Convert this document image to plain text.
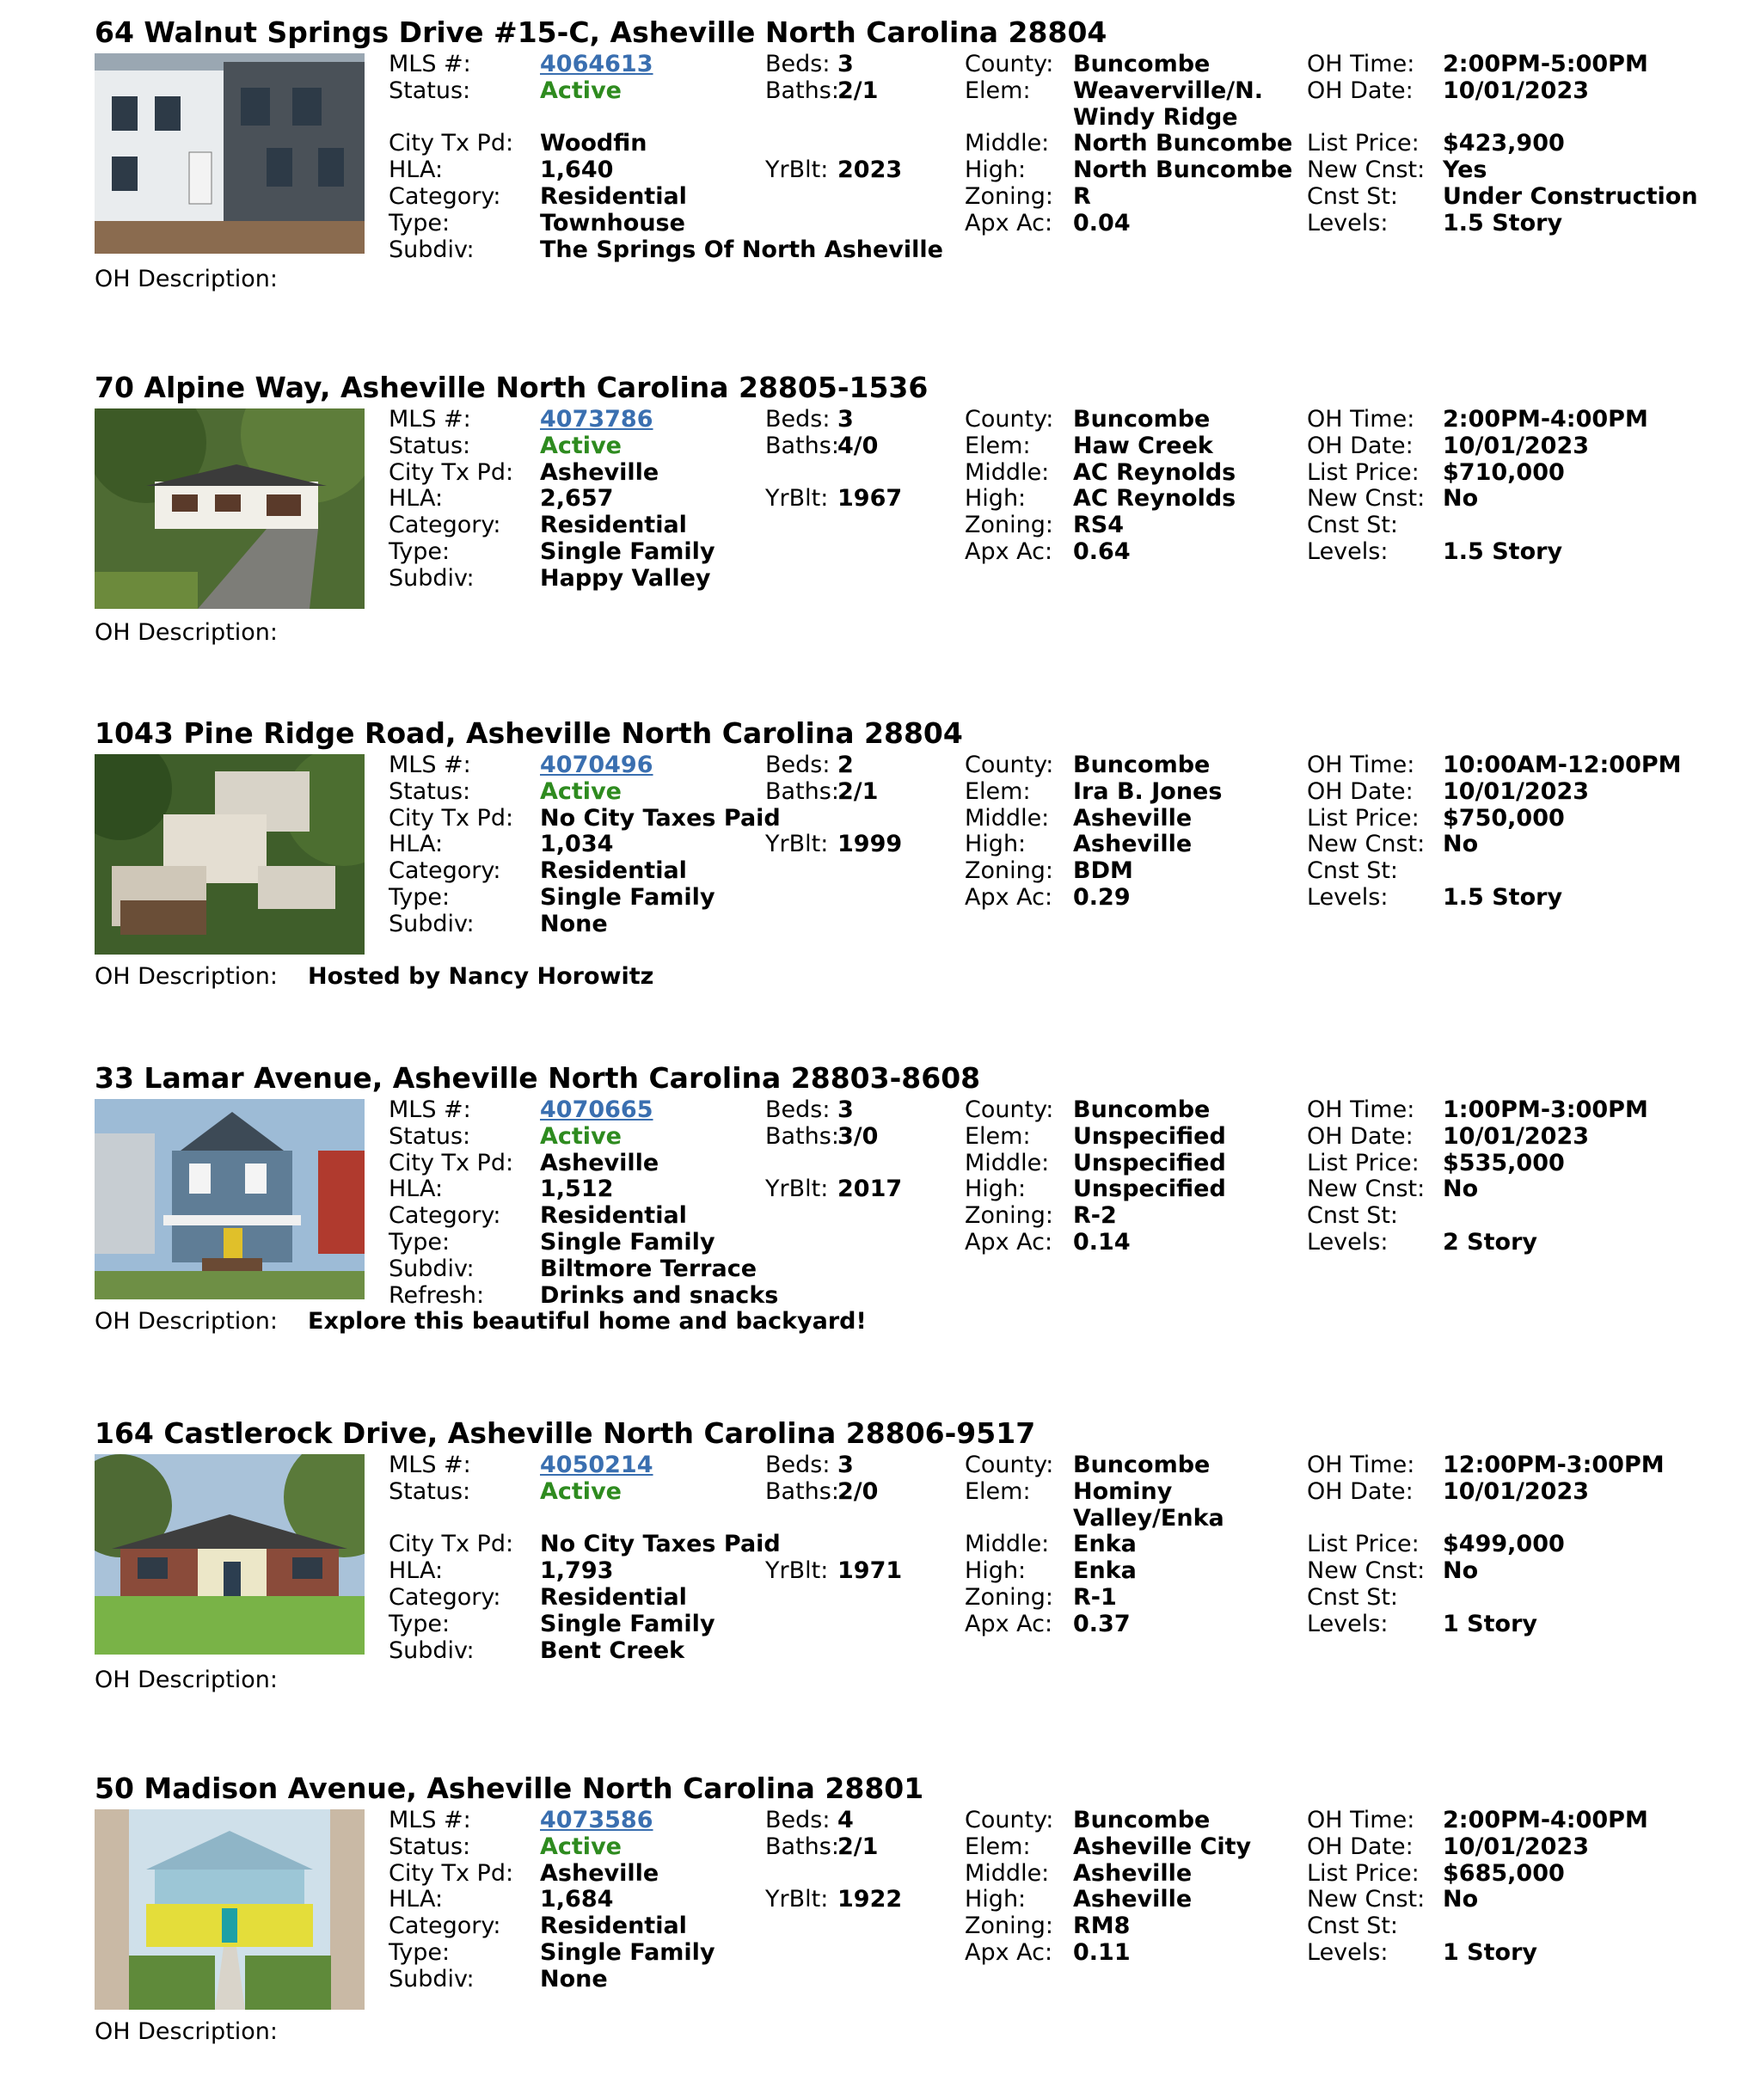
64 Walnut Springs Drive #15-C, Asheville North Carolina 28804
MLS #:	4064613
Status:	Active
City Tx Pd: Woodfin
HLA:	1,640
Category: Residential
Type:	Townhouse
Subdiv:	The Springs Of North Asheville
Beds: 3
Baths:
2/1
YrBlt: 2023
County: Buncombe
Elem: Weaverville/N.
Windy Ridge
Middle: North Buncombe
High: North Buncombe
Zoning: R
Apx Ac: 0.04
OH Time: 2:00PM-5:00PM
OH Date: 10/01/2023
List Price: $423,900
New Cnst: Yes
Cnst St: Under Construction
Levels: 1.5 Story
OH Description:
70 Alpine Way, Asheville North Carolina 28805-1536
MLS #:	4073786
Status:	Active
City Tx Pd: Asheville
HLA:	2,657
Category: Residential
Type:	Single Family
Subdiv:	Happy Valley
Beds: 3
Baths:
4/0
YrBlt: 1967
County: Buncombe
Elem: Haw Creek
Middle: AC Reynolds
High: AC Reynolds
Zoning: RS4
Apx Ac: 0.64
OH Time: 2:00PM-4:00PM
OH Date: 10/01/2023
List Price: $710,000
New Cnst: No
Cnst St:
Levels: 1.5 Story
OH Description:
1043 Pine Ridge Road, Asheville North Carolina 28804
MLS #:	4070496
Status:	Active
City Tx Pd: No City Taxes Paid
HLA:	1,034
Category: Residential
Type:	Single Family
Subdiv:	None
Beds: 2
Baths:
2/1
YrBlt: 1999
County: Buncombe
Elem: Ira B. Jones
Middle: Asheville
High: Asheville
Zoning: BDM
Apx Ac: 0.29
OH Time: 10:00AM-12:00PM
OH Date: 10/01/2023
List Price: $750,000
New Cnst: No
Cnst St:
Levels: 1.5 Story
OH Description: Hosted by Nancy Horowitz
33 Lamar Avenue, Asheville North Carolina 28803-8608
MLS #:	4070665
Status:	Active
City Tx Pd: Asheville
HLA:	1,512
Category: Residential
Type:	Single Family
Subdiv:	Biltmore Terrace
Refresh: Drinks and snacks
Beds: 3
Baths:
3/0
YrBlt: 2017
County: Buncombe
Elem: Unspecified
Middle: Unspecified
High: Unspecified
Zoning: R-2
Apx Ac: 0.14
OH Time: 1:00PM-3:00PM
OH Date: 10/01/2023
List Price: $535,000
New Cnst: No
Cnst St:
Levels: 2 Story
OH Description: Explore this beautiful home and backyard!
164 Castlerock Drive, Asheville North Carolina 28806-9517
MLS #:	4050214
Status:	Active
City Tx Pd: No City Taxes Paid
HLA:	1,793
Category: Residential
Type:	Single Family
Subdiv:	Bent Creek
Beds: 3
Baths:
2/0
YrBlt: 1971
County: Buncombe
Elem: Hominy
Valley/Enka
Middle: Enka
High: Enka
Zoning: R-1
Apx Ac: 0.37
OH Time: 12:00PM-3:00PM
OH Date: 10/01/2023
List Price: $499,000
New Cnst: No
Cnst St:
Levels: 1 Story
OH Description:
50 Madison Avenue, Asheville North Carolina 28801
MLS #:	4073586
Status:	Active
City Tx Pd: Asheville
HLA:	1,684
Category: Residential
Type:	Single Family
Subdiv:	None
Beds: 4
Baths:
2/1
YrBlt: 1922
County: Buncombe
Elem: Asheville City
Middle: Asheville
High: Asheville
Zoning: RM8
Apx Ac: 0.11
OH Time: 2:00PM-4:00PM
OH Date: 10/01/2023
List Price: $685,000
New Cnst: No
Cnst St:
Levels: 1 Story
OH Description:
